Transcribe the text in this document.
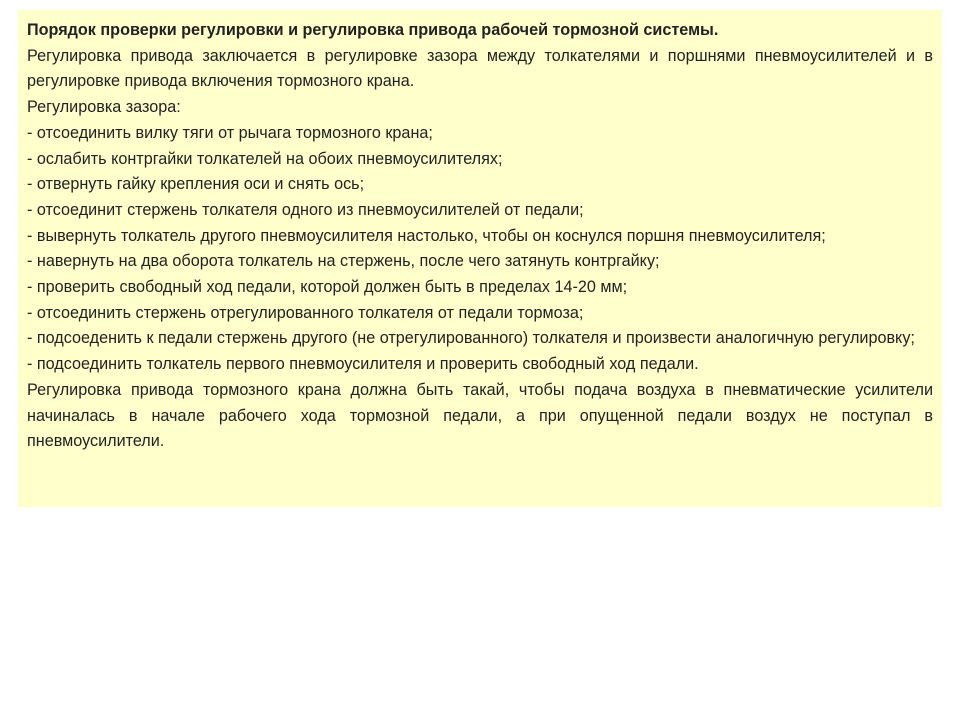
Порядок проверки регулировки и регулировка привода рабочей тормозной системы.

Регулировка привода заключается в регулировке зазора между толкателями и поршнями пневмоусилителей и в регулировке привода включения тормозного крана.

Регулировка зазора:

- отсоединить вилку тяги от рычага тормозного крана;

- ослабить контргайки толкателей на обоих пневмоусилителях;

- отвернуть гайку крепления оси и снять ось;

- отсоединит стержень толкателя одного из пневмоусилителей от педали;

- вывернуть толкатель другого пневмоусилителя настолько, чтобы он коснулся поршня пневмоусилителя;

- навернуть на два оборота толкатель на стержень, после чего затянуть контргайку;

- проверить свободный ход педали, которой должен быть в пределах 14-20 мм;

- отсоединить стержень отрегулированного толкателя от педали тормоза;

- подсоеденить к педали стержень другого (не отрегулированного) толкателя и произвести аналогичную регулировку;

- подсоединить толкатель первого пневмоусилителя и проверить свободный ход педали.

Регулировка привода тормозного крана должна быть такай, чтобы подача воздуха в пневматические усилители начиналась в начале рабочего хода тормозной педали, а при опущенной педали воздух не поступал в пневмоусилители.
